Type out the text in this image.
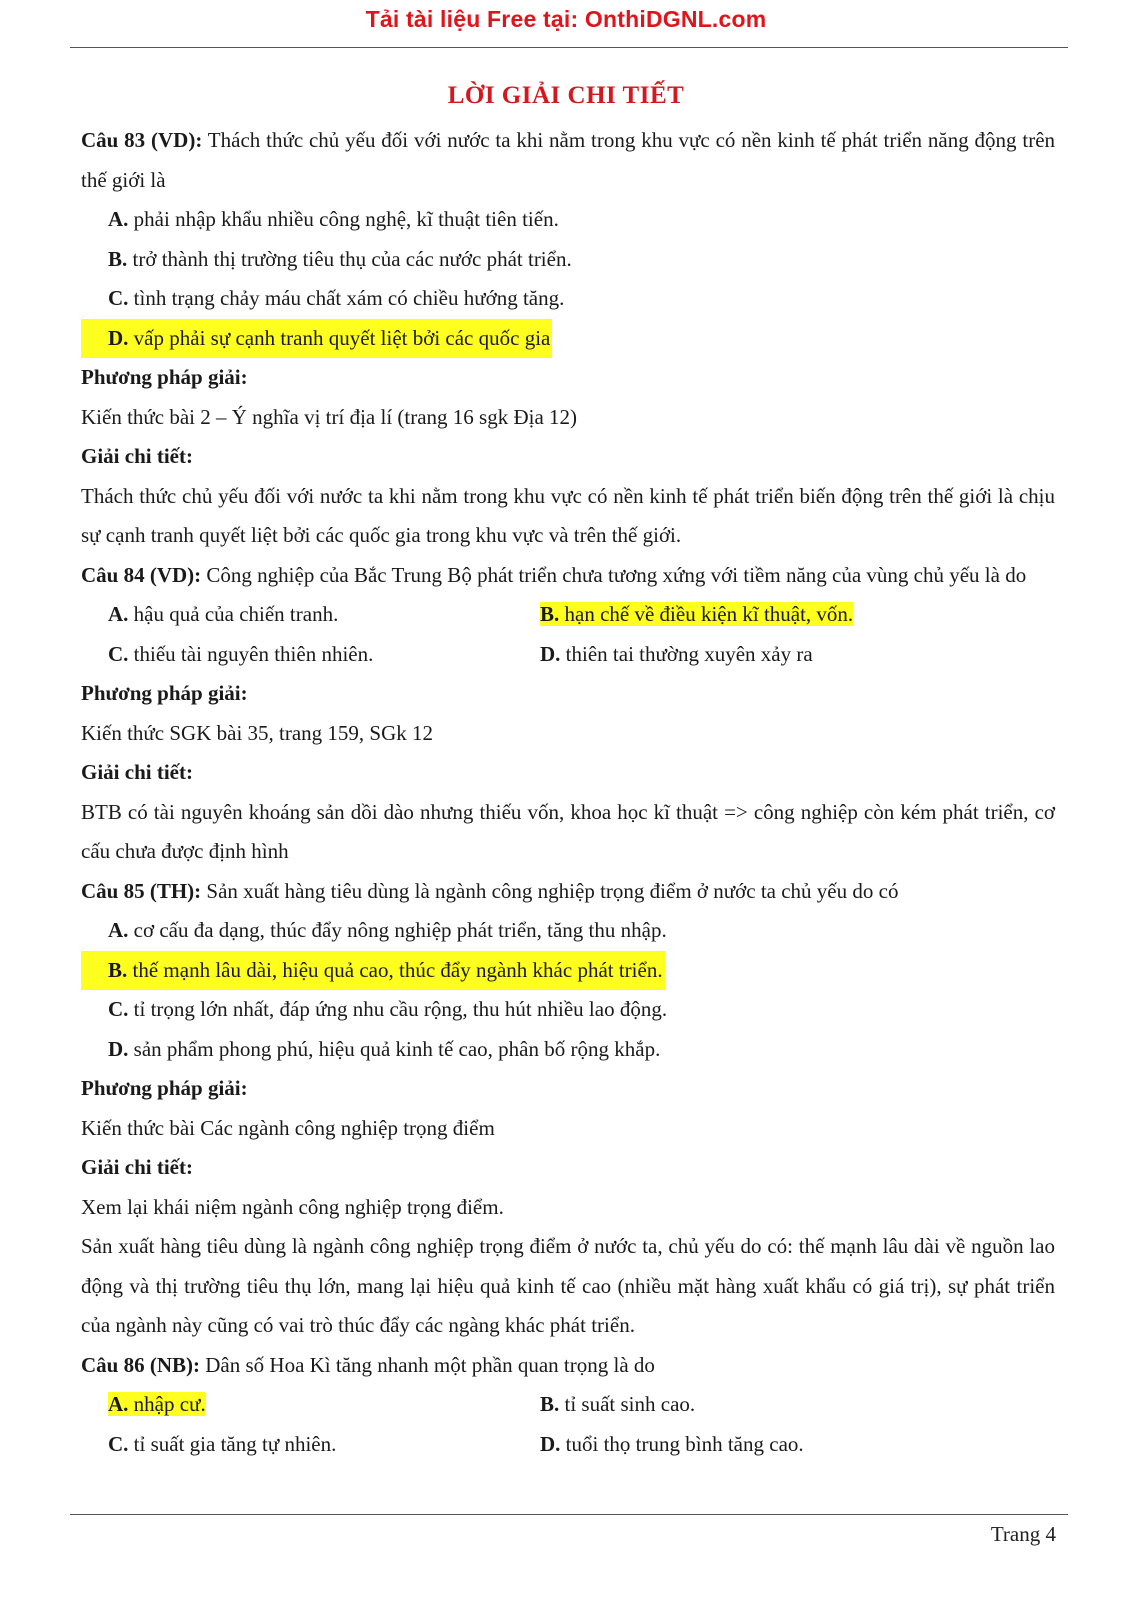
Tải tài liệu Free tại: OnthiDGNL.com
LỜI GIẢI CHI TIẾT

Câu 83 (VD): Thách thức chủ yếu đối với nước ta khi nằm trong khu vực có nền kinh tế phát triển năng động trên thế giới là

A. phải nhập khẩu nhiều công nghệ, kĩ thuật tiên tiến.

B. trở thành thị trường tiêu thụ của các nước phát triển.

C. tình trạng chảy máu chất xám có chiều hướng tăng.

D. vấp phải sự cạnh tranh quyết liệt bởi các quốc gia

Phương pháp giải:

Kiến thức bài 2 – Ý nghĩa vị trí địa lí (trang 16 sgk Địa 12)

Giải chi tiết:

Thách thức chủ yếu đối với nước ta khi nằm trong khu vực có nền kinh tế phát triển biến động trên thế giới là chịu sự cạnh tranh quyết liệt bởi các quốc gia trong khu vực và trên thế giới.

Câu 84 (VD): Công nghiệp của Bắc Trung Bộ phát triển chưa tương xứng với tiềm năng của vùng chủ yếu là do

A. hậu quả của chiến tranh.	B. hạn chế về điều kiện kĩ thuật, vốn.
C. thiếu tài nguyên thiên nhiên.	D. thiên tai thường xuyên xảy ra

Phương pháp giải:

Kiến thức SGK bài 35, trang 159, SGk 12

Giải chi tiết:

BTB có tài nguyên khoáng sản dồi dào nhưng thiếu vốn, khoa học kĩ thuật => công nghiệp còn kém phát triển, cơ cấu chưa được định hình

Câu 85 (TH): Sản xuất hàng tiêu dùng là ngành công nghiệp trọng điểm ở nước ta chủ yếu do có

A. cơ cấu đa dạng, thúc đẩy nông nghiệp phát triển, tăng thu nhập.

B. thế mạnh lâu dài, hiệu quả cao, thúc đẩy ngành khác phát triển.

C. tỉ trọng lớn nhất, đáp ứng nhu cầu rộng, thu hút nhiều lao động.

D. sản phẩm phong phú, hiệu quả kinh tế cao, phân bố rộng khắp.

Phương pháp giải:

Kiến thức bài Các ngành công nghiệp trọng điểm

Giải chi tiết:

Xem lại khái niệm ngành công nghiệp trọng điểm.

Sản xuất hàng tiêu dùng là ngành công nghiệp trọng điểm ở nước ta, chủ yếu do có: thế mạnh lâu dài về nguồn lao động và thị trường tiêu thụ lớn, mang lại hiệu quả kinh tế cao (nhiều mặt hàng xuất khẩu có giá trị), sự phát triển của ngành này cũng có vai trò thúc đẩy các ngàng khác phát triển.

Câu 86 (NB): Dân số Hoa Kì tăng nhanh một phần quan trọng là do

A. nhập cư.	B. tỉ suất sinh cao.
C. tỉ suất gia tăng tự nhiên.	D. tuổi thọ trung bình tăng cao.
Trang 4
